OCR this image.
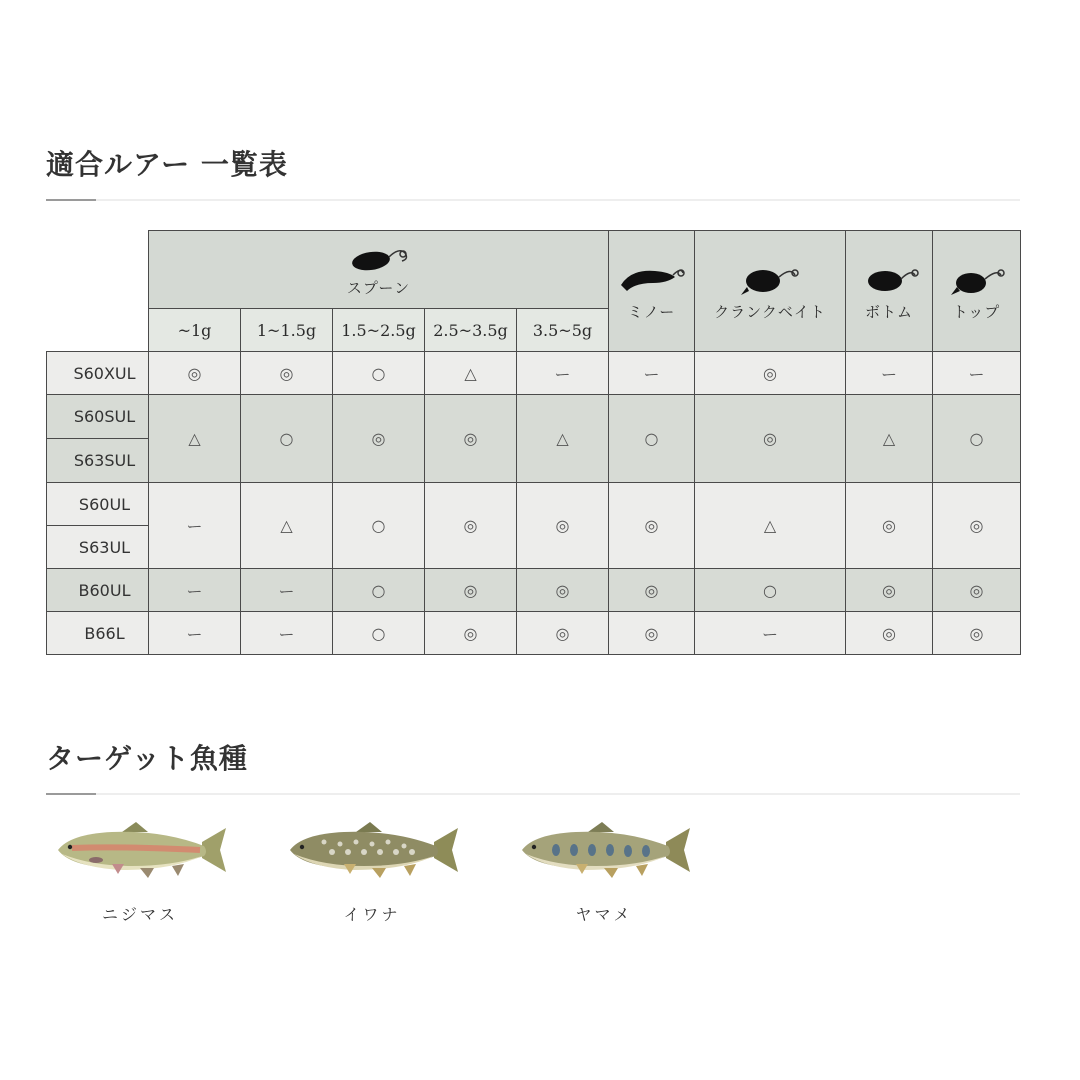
適合ルアー 一覧表

スプーン					ミノー	クランクベイト	ボトム	トップ
	~1g	1~1.5g	1.5~2.5g	2.5~3.5g	3.5~5g				
S60XUL	◎	◎	○	△	ー	ー	◎	ー	ー
S60SUL	△	○	◎	◎	△	○	◎	△	○
S63SUL									
S60UL	ー	△	○	◎	◎	◎	△	◎	◎
S63UL									
B60UL	ー	ー	○	◎	◎	◎	○	◎	◎
B66L	ー	ー	○	◎	◎	◎	ー	◎	◎
ターゲット魚種
ニジマス	イワナ	ヤマメ
